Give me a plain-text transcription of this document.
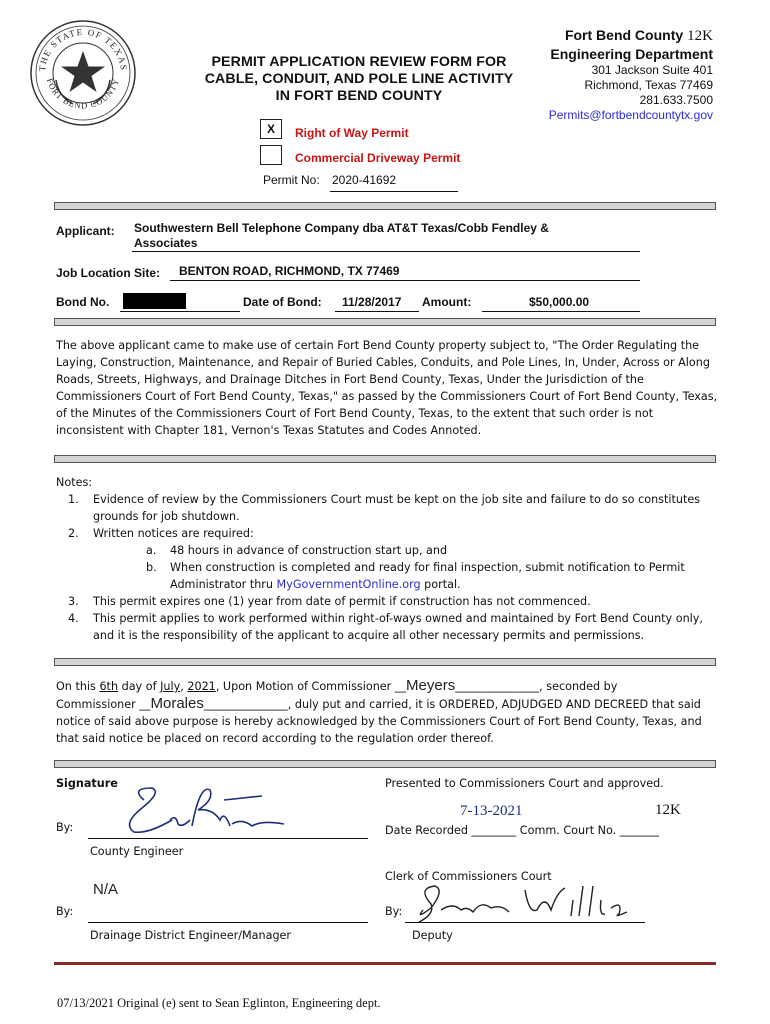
THE STATE OF TEXAS
FORT BEND COUNTY
PERMIT APPLICATION REVIEW FORM FOR
CABLE, CONDUIT, AND POLE LINE ACTIVITY
IN FORT BEND COUNTY
Fort Bend County 12K
Engineering Department
301 Jackson Suite 401
Richmond, Texas 77469
281.633.7500
Permits@fortbendcountytx.gov
X	Right of Way Permit
Commercial Driveway Permit
Permit No: 2020-41692
Applicant: Southwestern Bell Telephone Company dba AT&T Texas/Cobb Fendley &
Associates
Job Location Site: BENTON ROAD, RICHMOND, TX 77469
Bond No.	Date of Bond: 11/28/2017 Amount:	$50,000.00
The above applicant came to make use of certain Fort Bend County property subject to, "The Order Regulating the Laying, Construction, Maintenance, and Repair of Buried Cables, Conduits, and Pole Lines, In, Under, Across or Along Roads, Streets, Highways, and Drainage Ditches in Fort Bend County, Texas, Under the Jurisdiction of the Commissioners Court of Fort Bend County, Texas," as passed by the Commissioners Court of Fort Bend County, Texas, of the Minutes of the Commissioners Court of Fort Bend County, Texas, to the extent that such order is not inconsistent with Chapter 181, Vernon's Texas Statutes and Codes Annoted.
Notes:
1.	Evidence of review by the Commissioners Court must be kept on the job site and failure to do so constitutes grounds for job shutdown.
2.	Written notices are required:
a.	48 hours in advance of construction start up, and
b.	When construction is completed and ready for final inspection, submit notification to Permit Administrator thru MyGovernmentOnline.org portal.
3.	This permit expires one (1) year from date of permit if construction has not commenced.
4.	This permit applies to work performed within right-of-ways owned and maintained by Fort Bend County only, and it is the responsibility of the applicant to acquire all other necessary permits and permissions.
On this 6th day of July, 2021, Upon Motion of Commissioner __Meyers_______________, seconded by
Commissioner __Morales_______________, duly put and carried, it is ORDERED, ADJUDGED AND DECREED that said notice of said above purpose is hereby acknowledged by the Commissioners Court of Fort Bend County, Texas, and that said notice be placed on record according to the regulation order thereof.
Signature
By:
County Engineer
N/A
By:
Drainage District Engineer/Manager
Presented to Commissioners Court and approved.
7-13-2021	12K
Date Recorded ________ Comm. Court No. _______
Clerk of Commissioners Court
By:
Deputy
07/13/2021 Original (e) sent to Sean Eglinton, Engineering dept.
